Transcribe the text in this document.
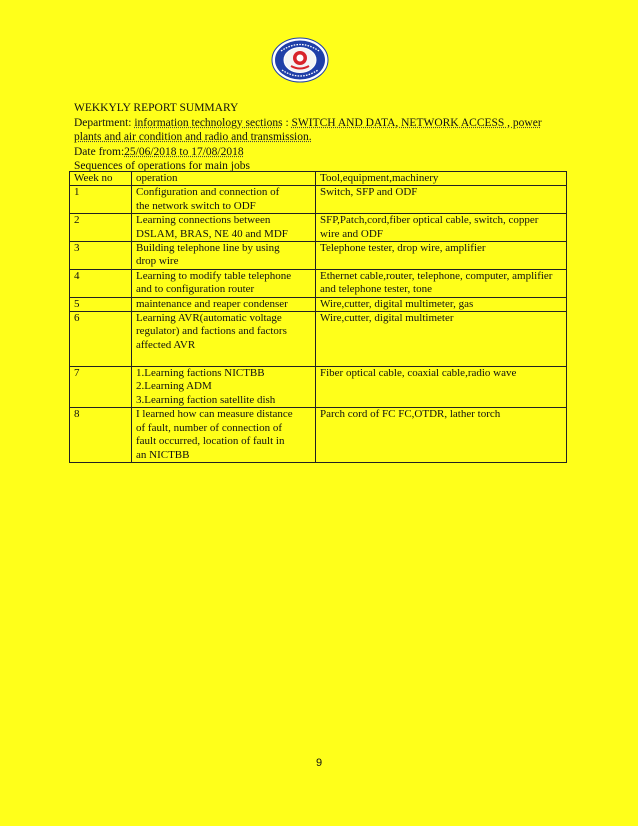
WEKKYLY REPORT SUMMARY
Department: information technology sections : SWITCH AND DATA, NETWORK ACCESS , power
plants and air condition and radio and transmission.
Date from:25/06/2018 to 17/08/2018
Sequences of operations for main jobs
Week no	operation	Tool,equipment,machinery
1	Configuration and connection of
the network switch to ODF	Switch, SFP and ODF

2	Learning connections between
DSLAM, BRAS, NE 40 and MDF	SFP,Patch,cord,fiber optical cable, switch, copper
wire and ODF

3	Building telephone line by using
drop wire	Telephone tester, drop wire, amplifier

4	Learning to modify table telephone
and to configuration router	Ethernet cable,router, telephone, computer, amplifier
and telephone tester, tone

5	maintenance and reaper condenser	Wire,cutter, digital multimeter, gas

6	Learning AVR(automatic voltage
regulator) and factions and factors
affected AVR	Wire,cutter, digital multimeter

7	1.Learning factions NICTBB
2.Learning ADM
3.Learning faction satellite dish	Fiber optical cable, coaxial cable,radio wave

8	I learned how can measure distance
of fault, number of connection of
fault occurred, location of fault in
an NICTBB	Parch cord of FC FC,OTDR, lather torch
9
